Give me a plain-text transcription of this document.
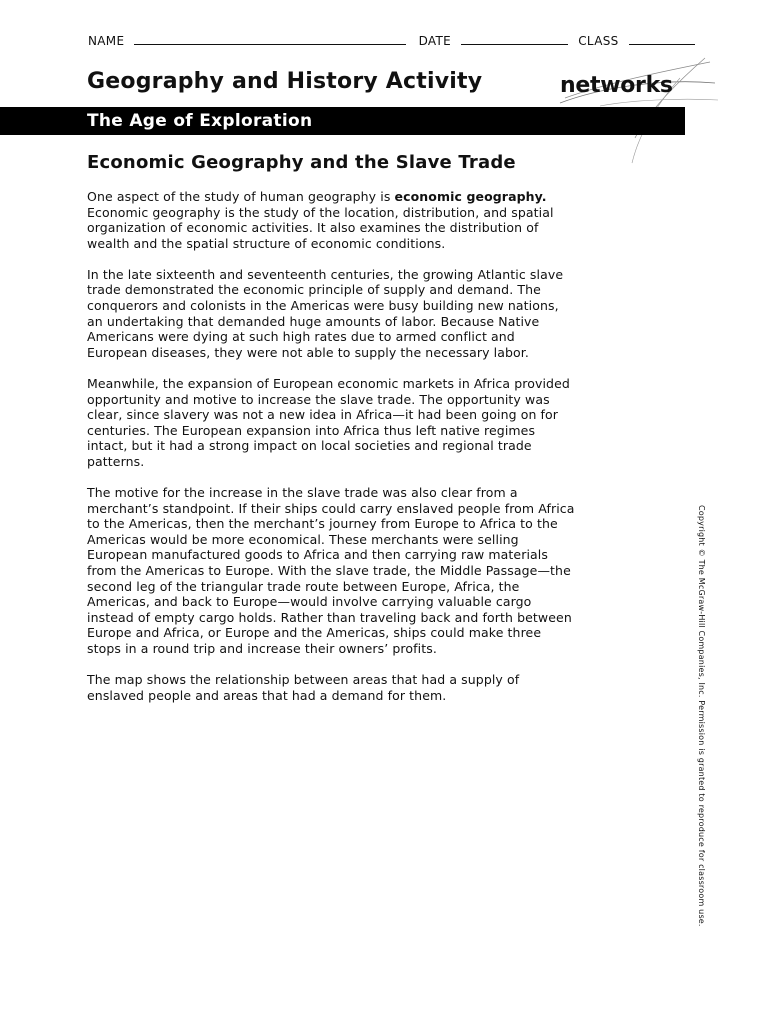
NAME	DATE	CLASS
Geography and History Activity	networks
The Age of Exploration
Economic Geography and the Slave Trade

One aspect of the study of human geography is economic geography. Economic geography is the study of the location, distribution, and spatial organization of economic activities. It also examines the distribution of wealth and the spatial structure of economic conditions.

In the late sixteenth and seventeenth centuries, the growing Atlantic slave trade demonstrated the economic principle of supply and demand. The conquerors and colonists in the Americas were busy building new nations, an undertaking that demanded huge amounts of labor. Because Native Americans were dying at such high rates due to armed conflict and European diseases, they were not able to supply the necessary labor.

Meanwhile, the expansion of European economic markets in Africa provided opportunity and motive to increase the slave trade. The opportunity was clear, since slavery was not a new idea in Africa—it had been going on for centuries. The European expansion into Africa thus left native regimes intact, but it had a strong impact on local societies and regional trade patterns.

The motive for the increase in the slave trade was also clear from a merchant’s standpoint. If their ships could carry enslaved people from Africa to the Americas, then the merchant’s journey from Europe to Africa to the Americas would be more economical. These merchants were selling European manufactured goods to Africa and then carrying raw materials from the Americas to Europe. With the slave trade, the Middle Passage—the second leg of the triangular trade route between Europe, Africa, the Americas, and back to Europe—would involve carrying valuable cargo instead of empty cargo holds. Rather than traveling back and forth between Europe and Africa, or Europe and the Americas, ships could make three stops in a round trip and increase their owners’ profits.

The map shows the relationship between areas that had a supply of enslaved people and areas that had a demand for them.	Copyright © The McGraw-Hill Companies, Inc. Permission is granted to reproduce for classroom use.
